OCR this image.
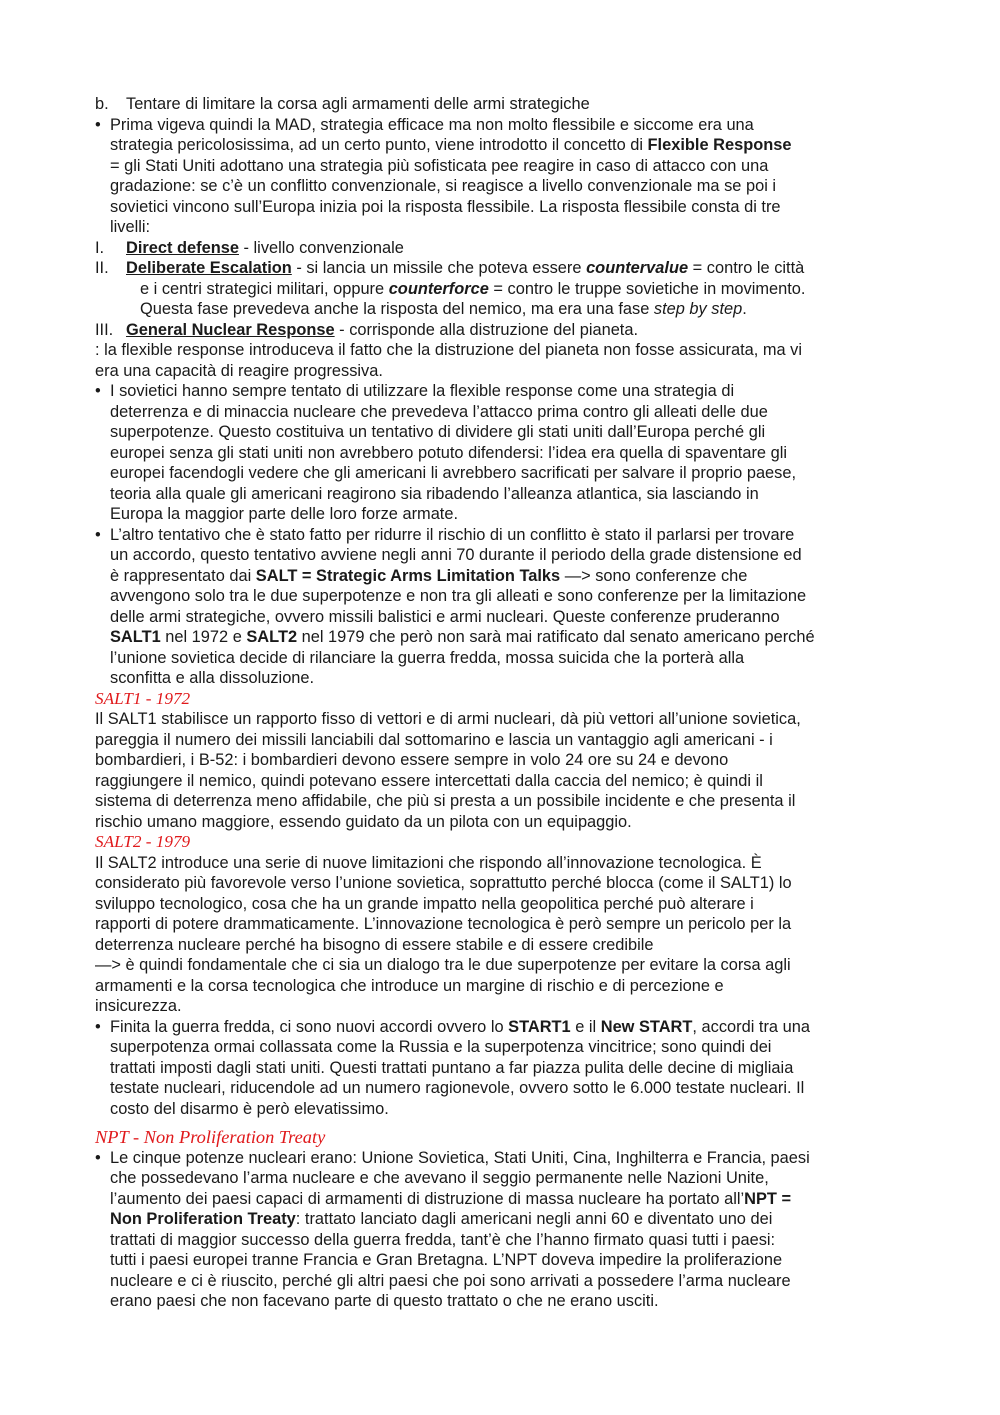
b. Tentare di limitare la corsa agli armamenti delle armi strategiche
• Prima vigeva quindi la MAD, strategia efficace ma non molto flessibile e siccome era una
strategia pericolosissima, ad un certo punto, viene introdotto il concetto di Flexible Response
= gli Stati Uniti adottano una strategia più sofisticata pee reagire in caso di attacco con una
gradazione: se c’è un conflitto convenzionale, si reagisce a livello convenzionale ma se poi i
sovietici vincono sull’Europa inizia poi la risposta flessibile. La risposta flessibile consta di tre
livelli:
I. Direct defense - livello convenzionale
II. Deliberate Escalation - si lancia un missile che poteva essere countervalue = contro le città
e i centri strategici militari, oppure counterforce = contro le truppe sovietiche in movimento.
Questa fase prevedeva anche la risposta del nemico, ma era una fase step by step.
III. General Nuclear Response - corrisponde alla distruzione del pianeta.
: la flexible response introduceva il fatto che la distruzione del pianeta non fosse assicurata, ma vi
era una capacità di reagire progressiva.
• I sovietici hanno sempre tentato di utilizzare la flexible response come una strategia di
deterrenza e di minaccia nucleare che prevedeva l’attacco prima contro gli alleati delle due
superpotenze. Questo costituiva un tentativo di dividere gli stati uniti dall’Europa perché gli
europei senza gli stati uniti non avrebbero potuto difendersi: l’idea era quella di spaventare gli
europei facendogli vedere che gli americani li avrebbero sacrificati per salvare il proprio paese,
teoria alla quale gli americani reagirono sia ribadendo l’alleanza atlantica, sia lasciando in
Europa la maggior parte delle loro forze armate.
• L’altro tentativo che è stato fatto per ridurre il rischio di un conflitto è stato il parlarsi per trovare
un accordo, questo tentativo avviene negli anni 70 durante il periodo della grade distensione ed
è rappresentato dai SALT = Strategic Arms Limitation Talks —> sono conferenze che
avvengono solo tra le due superpotenze e non tra gli alleati e sono conferenze per la limitazione
delle armi strategiche, ovvero missili balistici e armi nucleari. Queste conferenze pruderanno
SALT1 nel 1972 e SALT2 nel 1979 che però non sarà mai ratificato dal senato americano perché
l’unione sovietica decide di rilanciare la guerra fredda, mossa suicida che la porterà alla
sconfitta e alla dissoluzione.
SALT1 - 1972
Il SALT1 stabilisce un rapporto fisso di vettori e di armi nucleari, dà più vettori all’unione sovietica,
pareggia il numero dei missili lanciabili dal sottomarino e lascia un vantaggio agli americani - i
bombardieri, i B-52: i bombardieri devono essere sempre in volo 24 ore su 24 e devono
raggiungere il nemico, quindi potevano essere intercettati dalla caccia del nemico; è quindi il
sistema di deterrenza meno affidabile, che più si presta a un possibile incidente e che presenta il
rischio umano maggiore, essendo guidato da un pilota con un equipaggio.
SALT2 - 1979
Il SALT2 introduce una serie di nuove limitazioni che rispondo all’innovazione tecnologica. È
considerato più favorevole verso l’unione sovietica, soprattutto perché blocca (come il SALT1) lo
sviluppo tecnologico, cosa che ha un grande impatto nella geopolitica perché può alterare i
rapporti di potere drammaticamente. L’innovazione tecnologica è però sempre un pericolo per la
deterrenza nucleare perché ha bisogno di essere stabile e di essere credibile
—> è quindi fondamentale che ci sia un dialogo tra le due superpotenze per evitare la corsa agli
armamenti e la corsa tecnologica che introduce un margine di rischio e di percezione e
insicurezza.
• Finita la guerra fredda, ci sono nuovi accordi ovvero lo START1 e il New START, accordi tra una
superpotenza ormai collassata come la Russia e la superpotenza vincitrice; sono quindi dei
trattati imposti dagli stati uniti. Questi trattati puntano a far piazza pulita delle decine di migliaia
testate nucleari, riducendole ad un numero ragionevole, ovvero sotto le 6.000 testate nucleari. Il
costo del disarmo è però elevatissimo.
NPT - Non Proliferation Treaty
• Le cinque potenze nucleari erano: Unione Sovietica, Stati Uniti, Cina, Inghilterra e Francia, paesi
che possedevano l’arma nucleare e che avevano il seggio permanente nelle Nazioni Unite,
l’aumento dei paesi capaci di armamenti di distruzione di massa nucleare ha portato all’NPT =
Non Proliferation Treaty: trattato lanciato dagli americani negli anni 60 e diventato uno dei
trattati di maggior successo della guerra fredda, tant’è che l’hanno firmato quasi tutti i paesi:
tutti i paesi europei tranne Francia e Gran Bretagna. L’NPT doveva impedire la proliferazione
nucleare e ci è riuscito, perché gli altri paesi che poi sono arrivati a possedere l’arma nucleare
erano paesi che non facevano parte di questo trattato o che ne erano usciti.
